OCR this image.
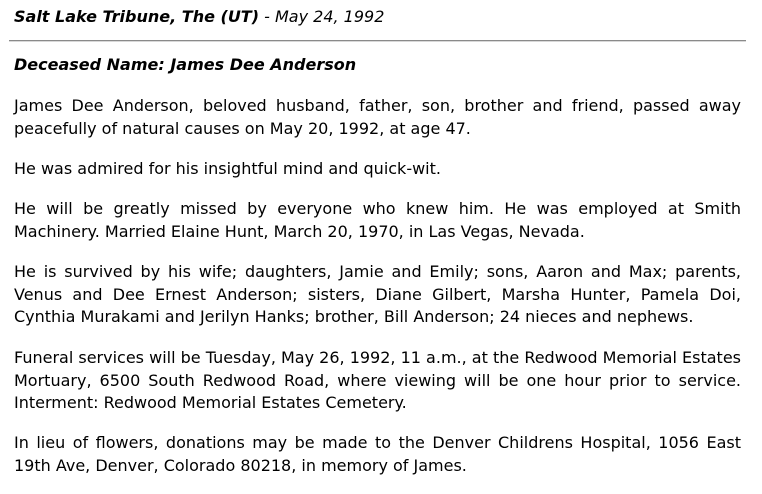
Salt Lake Tribune, The (UT) - May 24, 1992
Deceased Name: James Dee Anderson

James Dee Anderson, beloved husband, father, son, brother and friend, passed away peacefully of natural causes on May 20, 1992, at age 47.

He was admired for his insightful mind and quick-wit.

He will be greatly missed by everyone who knew him. He was employed at Smith Machinery. Married Elaine Hunt, March 20, 1970, in Las Vegas, Nevada.

He is survived by his wife; daughters, Jamie and Emily; sons, Aaron and Max; parents, Venus and Dee Ernest Anderson; sisters, Diane Gilbert, Marsha Hunter, Pamela Doi, Cynthia Murakami and Jerilyn Hanks; brother, Bill Anderson; 24 nieces and nephews.

Funeral services will be Tuesday, May 26, 1992, 11 a.m., at the Redwood Memorial Estates Mortuary, 6500 South Redwood Road, where viewing will be one hour prior to service. Interment: Redwood Memorial Estates Cemetery.

In lieu of flowers, donations may be made to the Denver Childrens Hospital, 1056 East 19th Ave, Denver, Colorado 80218, in memory of James.
